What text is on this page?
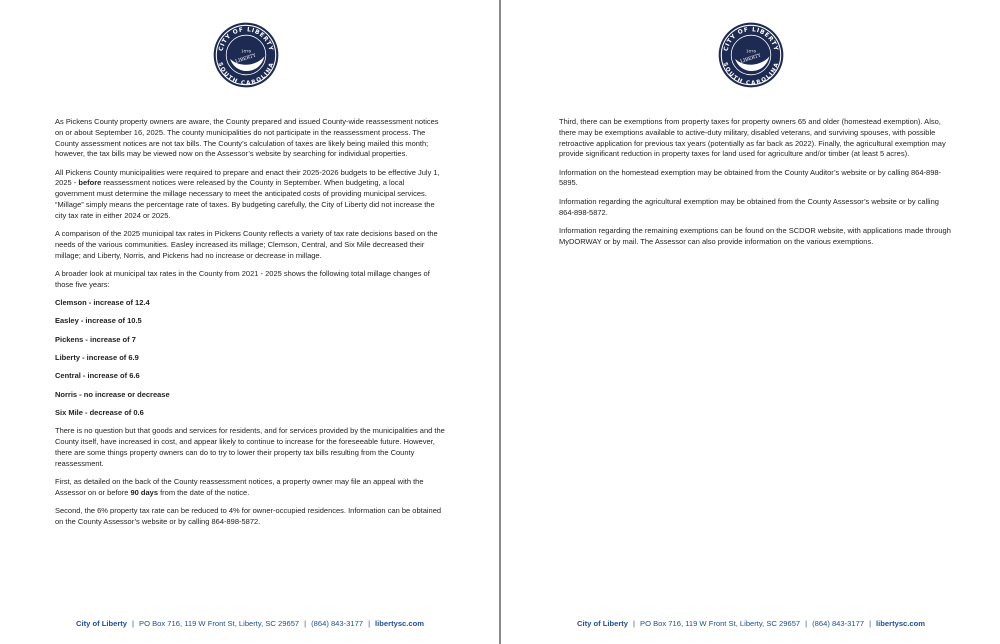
CITY OF LIBERTY
SOUTH CAROLINA
1876
LIBERTY

As Pickens County property owners are aware, the County prepared and issued County-wide reassessment notices on or about September 16, 2025. The county municipalities do not participate in the reassessment process. The County assessment notices are not tax bills. The County’s calculation of taxes are likely being mailed this month; however, the tax bills may be viewed now on the Assessor’s website by searching for individual properties.

All Pickens County municipalities were required to prepare and enact their 2025-2026 budgets to be effective July 1, 2025 - before reassessment notices were released by the County in September. When budgeting, a local government must determine the millage necessary to meet the anticipated costs of providing municipal services. “Millage” simply means the percentage rate of taxes. By budgeting carefully, the City of Liberty did not increase the city tax rate in either 2024 or 2025.

A comparison of the 2025 municipal tax rates in Pickens County reflects a variety of tax rate decisions based on the needs of the various communities. Easley increased its millage; Clemson, Central, and Six Mile decreased their millage; and Liberty, Norris, and Pickens had no increase or decrease in millage.

A broader look at municipal tax rates in the County from 2021 - 2025 shows the following total millage changes of those five years:

Clemson - increase of 12.4
Easley - increase of 10.5
Pickens - increase of 7
Liberty - increase of 6.9
Central - increase of 6.6
Norris - no increase or decrease
Six Mile - decrease of 0.6

There is no question but that goods and services for residents, and for services provided by the municipalities and the County itself, have increased in cost, and appear likely to continue to increase for the foreseeable future. However, there are some things property owners can do to try to lower their property tax bills resulting from the County reassessment.

First, as detailed on the back of the County reassessment notices, a property owner may file an appeal with the Assessor on or before 90 days from the date of the notice.

Second, the 6% property tax rate can be reduced to 4% for owner-occupied residences. Information can be obtained on the County Assessor’s website or by calling 864-898-5872.

City of Liberty | PO Box 716, 119 W Front St, Liberty, SC 29657 | (864) 843-3177 | libertysc.com
CITY OF LIBERTY
SOUTH CAROLINA
1876
LIBERTY

Third, there can be exemptions from property taxes for property owners 65 and older (homestead exemption). Also, there may be exemptions available to active-duty military, disabled veterans, and surviving spouses, with possible retroactive application for previous tax years (potentially as far back as 2022). Finally, the agricultural exemption may provide significant reduction in property taxes for land used for agriculture and/or timber (at least 5 acres).

Information on the homestead exemption may be obtained from the County Auditor’s website or by calling 864-898-5895.

Information regarding the agricultural exemption may be obtained from the County Assessor’s website or by calling 864-898-5872.

Information regarding the remaining exemptions can be found on the SCDOR website, with applications made through MyDORWAY or by mail. The Assessor can also provide information on the various exemptions.

City of Liberty | PO Box 716, 119 W Front St, Liberty, SC 29657 | (864) 843-3177 | libertysc.com
